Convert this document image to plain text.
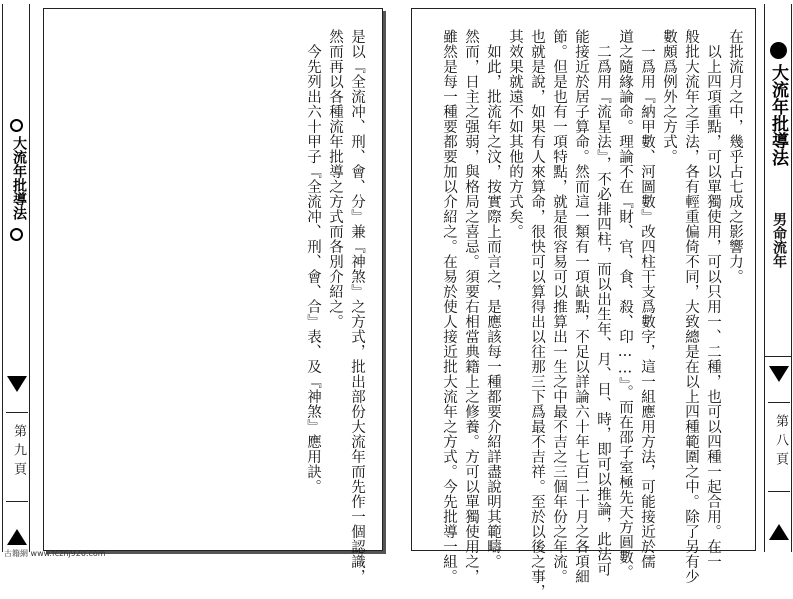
大流年批導法
第九頁	是以『全流冲、刑、會、分』兼『神煞』之方式，批出部份大流年而先作一個認識，
然而再以各種流年批導之方式而各別介紹之。
　今先列出六十甲子『全流冲、刑、會、合』表、及『神煞』應用訣。
古籍網 www.fczhj920.com
在批流月之中，幾乎占七成之影響力。
　以上四項重點，可以單獨使用，可以只用一、二種，也可以四種一起合用。在一
般批大流年之手法，各有輕重偏倚不同，大致總是在以上四種範圍之中。除了另有少
數頗爲例外之方式。
　一爲用『納甲數、河圖數』改四柱干支爲數字，這一組應用方法，可能接近於儒
道之隨緣論命。理論不在『財、官、食、殺、印……』。而在邵子室極先天方圓數。
　二爲用『流星法』，不必排四柱，而以出生年、月、日、時，即可以推論，此法可
能接近於居子算命。然而這一類有一項缺點，不足以詳論六十年七百二十月之各項細
節。但是也有一項特點，就是很容易可以推算出一生之中最不吉之三個年份之年流。
也就是說，如果有人來算命，很快可以算得出以往那三下爲最不吉祥。至於以後之事，
其效果就遠不如其他的方式矣。
　如此，批流年之汶，按實際上而言之，是應該每一種都要介紹詳盡說明其範疇。
然而，日主之强弱，與格局之喜忌。須要右相當典籍上之修養。方可以單獨使用之，
雖然是每一種要都要加以介紹之。在易於使人接近批大流年之方式。今先批導一組。	大流年批導法
男命流年
第八頁
